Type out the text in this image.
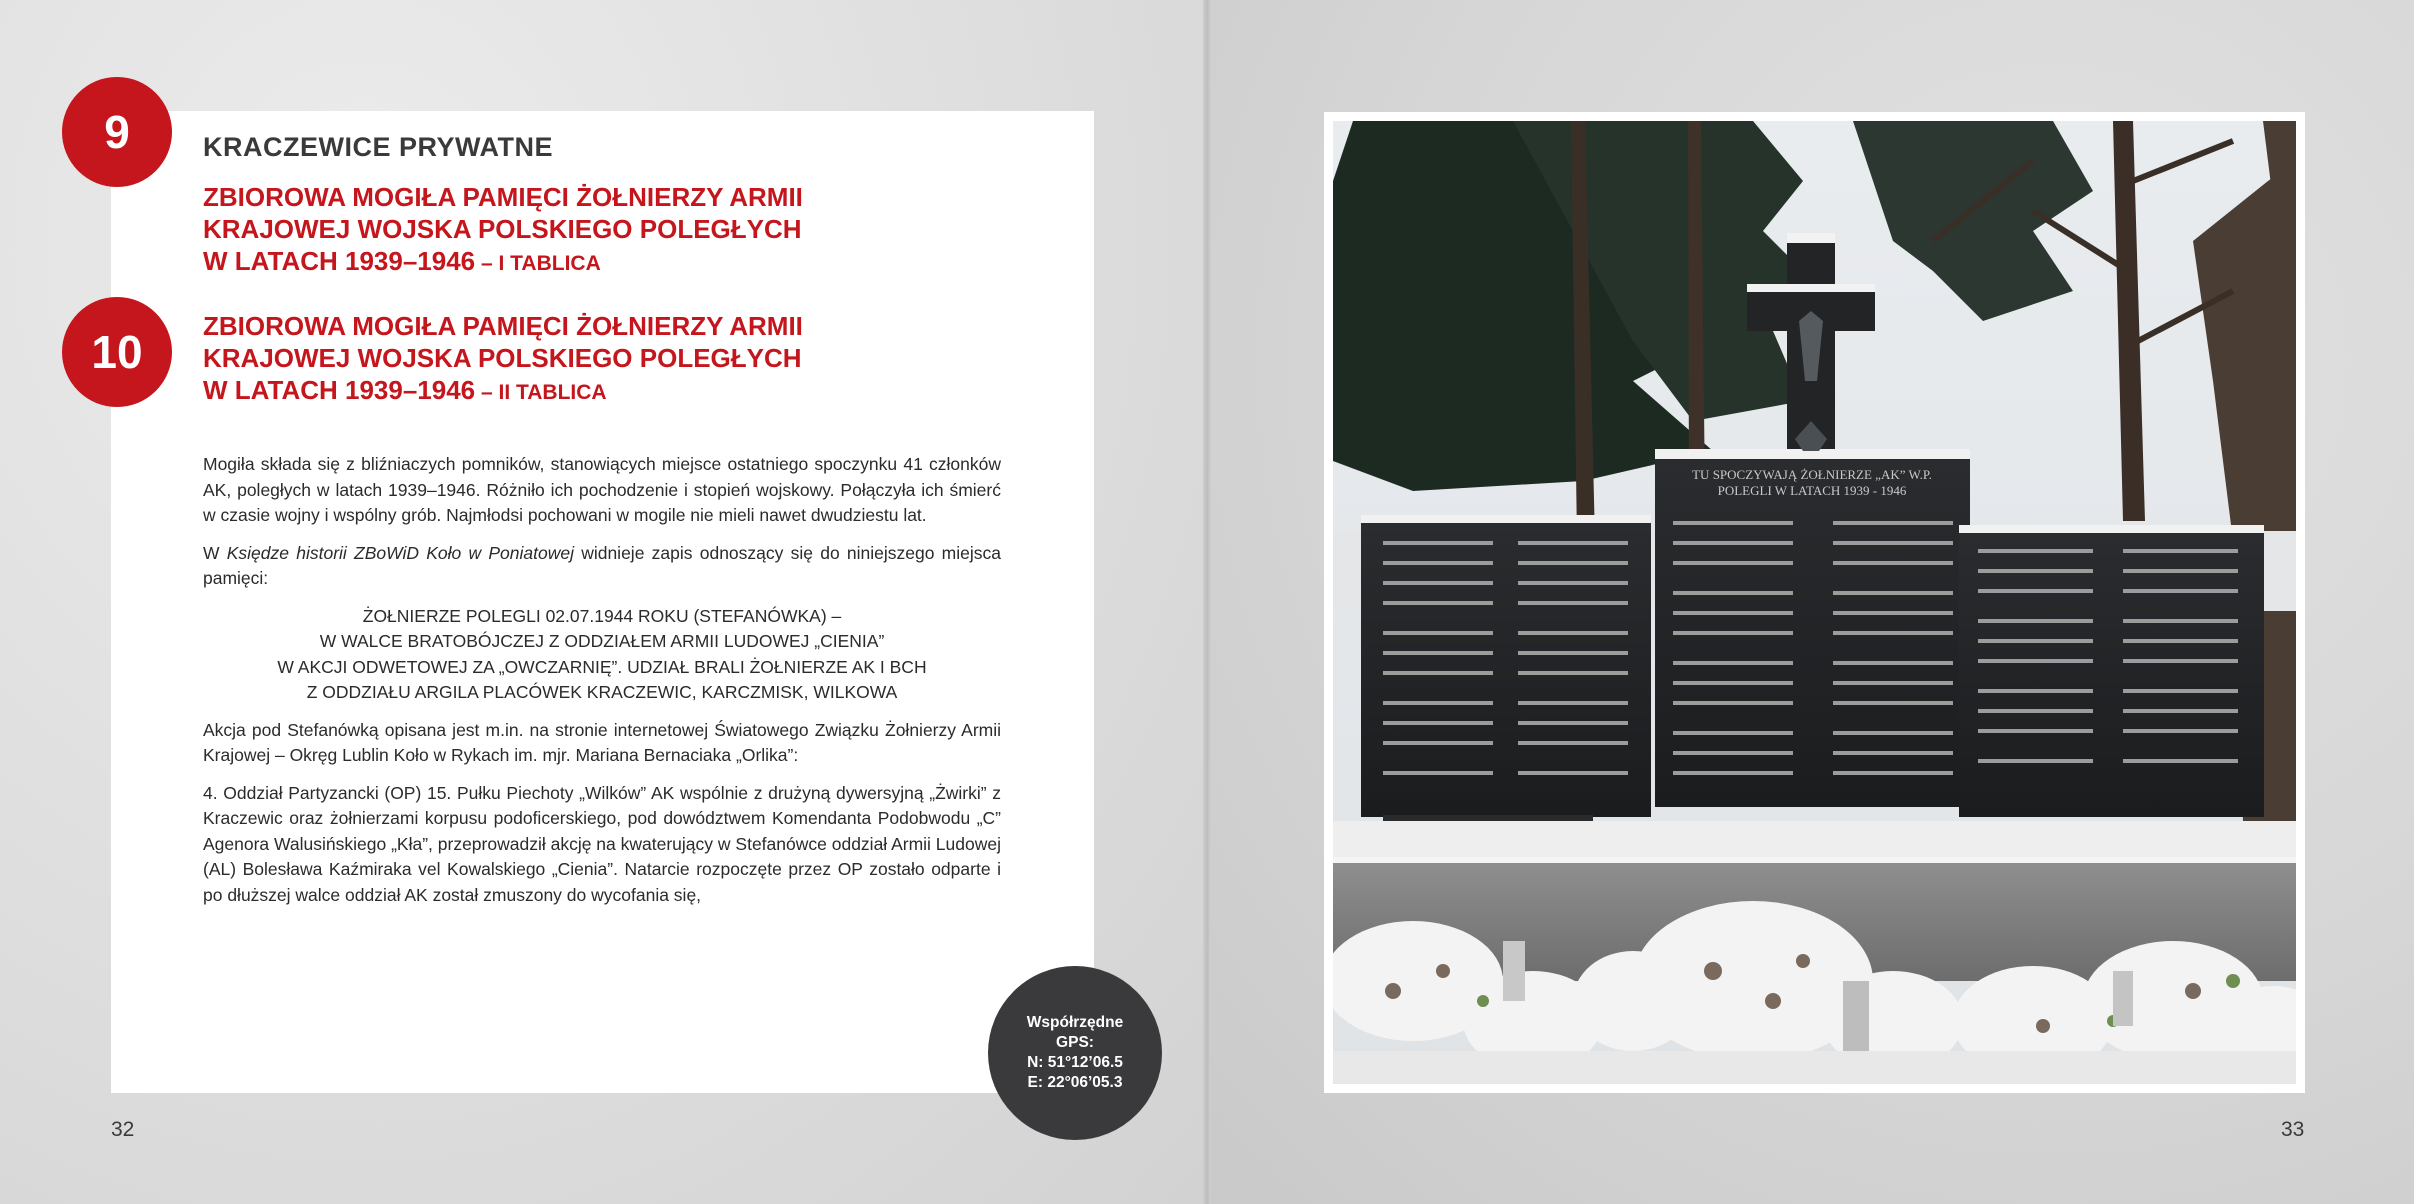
9	KRACZEWICE PRYWATNE
ZBIOROWA MOGIŁA PAMIĘCI ŻOŁNIERZY ARMII
KRAJOWEJ WOJSKA POLSKIEGO POLEGŁYCH
W LATACH 1939–1946 – I TABLICA
10	ZBIOROWA MOGIŁA PAMIĘCI ŻOŁNIERZY ARMII
KRAJOWEJ WOJSKA POLSKIEGO POLEGŁYCH
W LATACH 1939–1946 – II TABLICA

Mogiła składa się z bliźniaczych pomników, stanowiących miejsce ostatniego spoczynku 41 członków AK, poległych w latach 1939–1946. Różniło ich pochodzenie i stopień wojskowy. Połączyła ich śmierć w czasie wojny i wspólny grób. Najmłodsi pochowani w mogile nie mieli nawet dwudziestu lat.

W Księdze historii ZBoWiD Koło w Poniatowej widnieje zapis odnoszący się do niniejszego miejsca pamięci:

ŻOŁNIERZE POLEGLI 02.07.1944 ROKU (STEFANÓWKA) –
W WALCE BRATOBÓJCZEJ Z ODDZIAŁEM ARMII LUDOWEJ „CIENIA”
W AKCJI ODWETOWEJ ZA „OWCZARNIĘ”. UDZIAŁ BRALI ŻOŁNIERZE AK I BCH
Z ODDZIAŁU ARGILA PLACÓWEK KRACZEWIC, KARCZMISK, WILKOWA

Akcja pod Stefanówką opisana jest m.in. na stronie internetowej Światowego Związku Żołnierzy Armii Krajowej – Okręg Lublin Koło w Rykach im. mjr. Mariana Bernaciaka „Orlika”:

4. Oddział Partyzancki (OP) 15. Pułku Piechoty „Wilków” AK wspólnie z drużyną dywersyjną „Żwirki” z Kraczewic oraz żołnierzami korpusu podoficerskiego, pod dowództwem Komendanta Podobwodu „C” Agenora Walusińskiego „Kła”, przeprowadził akcję na kwaterujący w Stefanówce oddział Armii Ludowej (AL) Bolesława Kaźmiraka vel Kowalskiego „Cienia”. Natarcie rozpoczęte przez OP zostało odparte i po dłuższej walce oddział AK został zmuszony do wycofania się,

Współrzędne
GPS:
N: 51°12’06.5
E: 22°06’05.3
32	33
TU SPOCZYWAJĄ ŻOŁNIERZE „AK” W.P.
POLEGLI W LATACH 1939 - 1946
